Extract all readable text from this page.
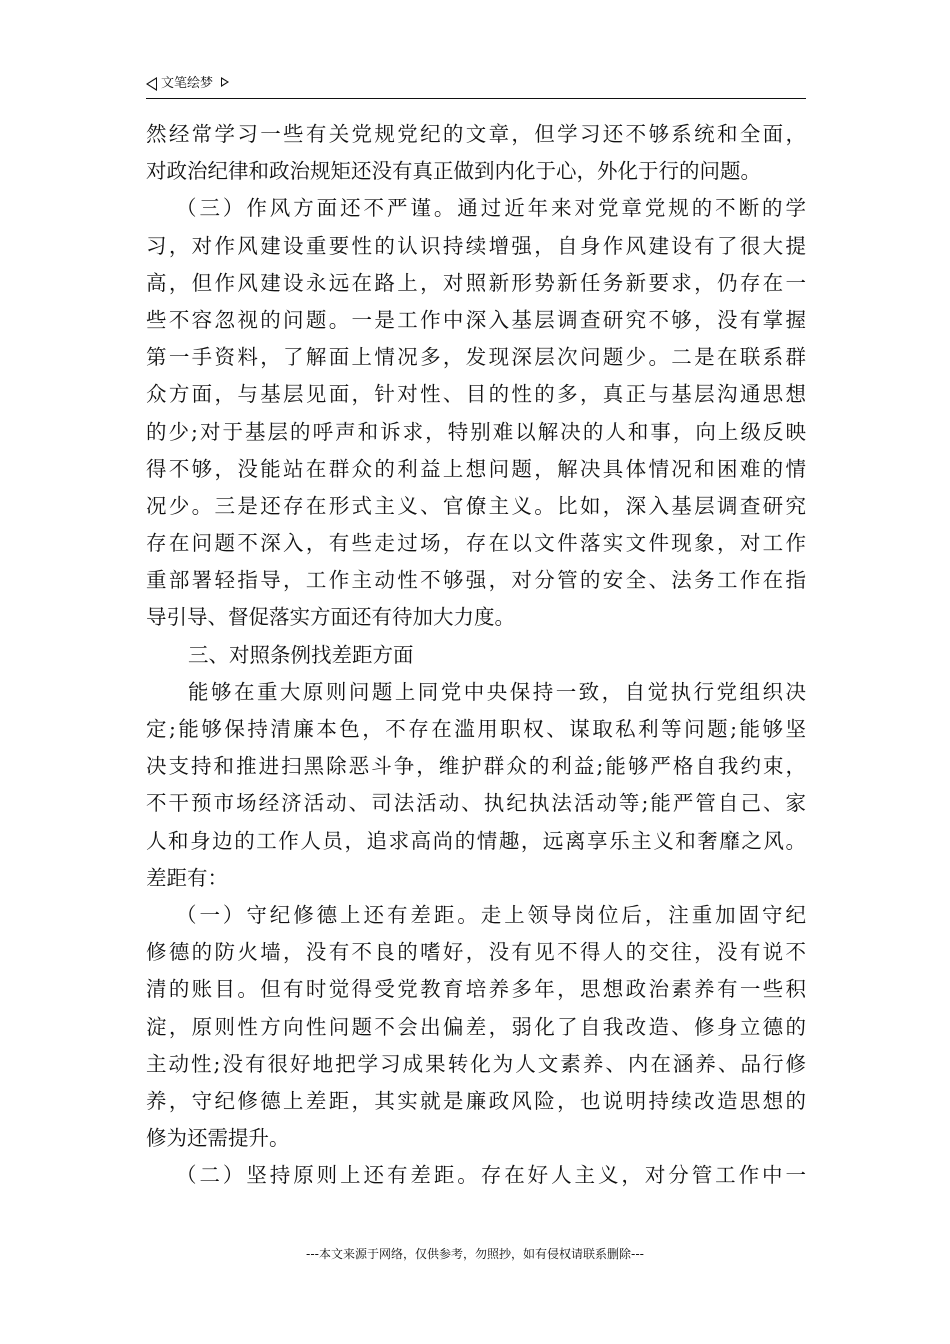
文笔绘梦
然经常学习一些有关党规党纪的文章，但学习还不够系统和全面，
对政治纪律和政治规矩还没有真正做到内化于心，外化于行的问题。
（三）作风方面还不严谨。通过近年来对党章党规的不断的学
习，对作风建设重要性的认识持续增强，自身作风建设有了很大提
高，但作风建设永远在路上，对照新形势新任务新要求，仍存在一
些不容忽视的问题。一是工作中深入基层调查研究不够，没有掌握
第一手资料，了解面上情况多，发现深层次问题少。二是在联系群
众方面，与基层见面，针对性、目的性的多，真正与基层沟通思想
的少;对于基层的呼声和诉求，特别难以解决的人和事，向上级反映
得不够，没能站在群众的利益上想问题，解决具体情况和困难的情
况少。三是还存在形式主义、官僚主义。比如，深入基层调查研究
存在问题不深入，有些走过场，存在以文件落实文件现象，对工作
重部署轻指导，工作主动性不够强，对分管的安全、法务工作在指
导引导、督促落实方面还有待加大力度。
三、对照条例找差距方面
能够在重大原则问题上同党中央保持一致，自觉执行党组织决
定;能够保持清廉本色，不存在滥用职权、谋取私利等问题;能够坚
决支持和推进扫黑除恶斗争，维护群众的利益;能够严格自我约束，
不干预市场经济活动、司法活动、执纪执法活动等;能严管自己、家
人和身边的工作人员，追求高尚的情趣，远离享乐主义和奢靡之风。
差距有：
（一）守纪修德上还有差距。走上领导岗位后，注重加固守纪
修德的防火墙，没有不良的嗜好，没有见不得人的交往，没有说不
清的账目。但有时觉得受党教育培养多年，思想政治素养有一些积
淀，原则性方向性问题不会出偏差，弱化了自我改造、修身立德的
主动性;没有很好地把学习成果转化为人文素养、内在涵养、品行修
养，守纪修德上差距，其实就是廉政风险，也说明持续改造思想的
修为还需提升。
（二）坚持原则上还有差距。存在好人主义，对分管工作中一
---本文来源于网络，仅供参考，勿照抄，如有侵权请联系删除---
